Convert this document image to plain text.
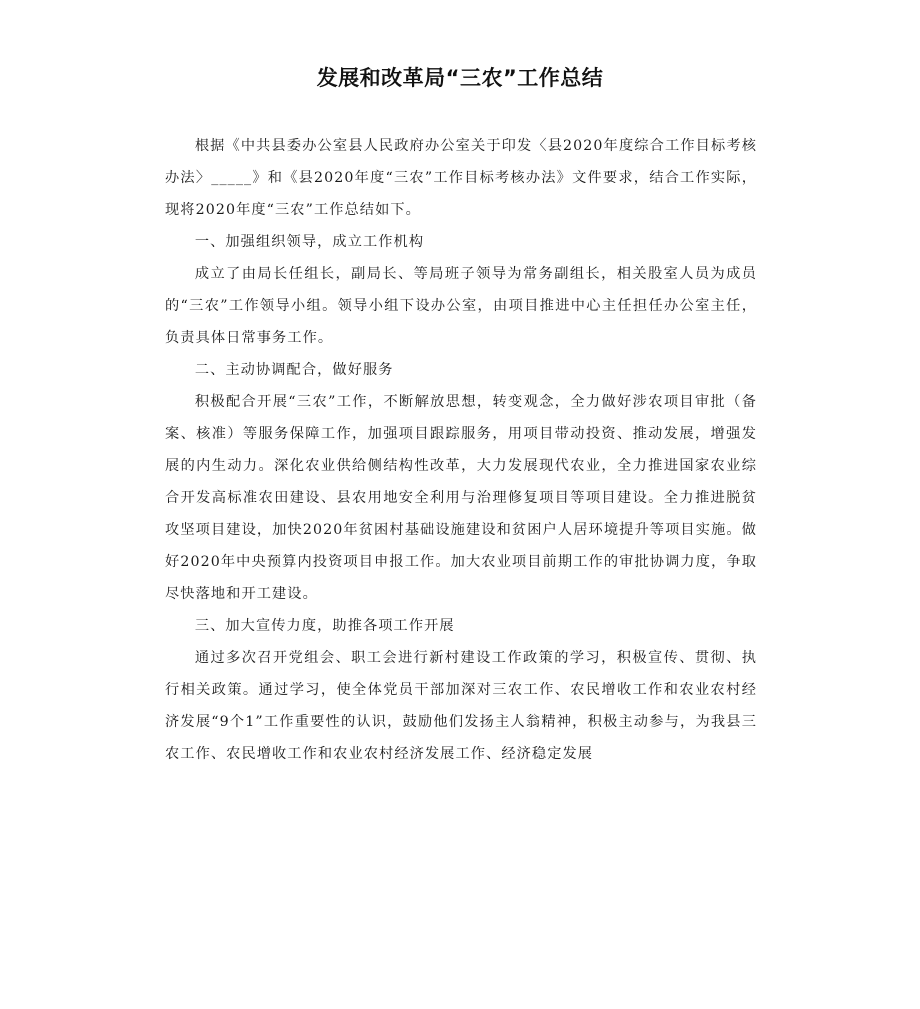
发展和改革局“三农”工作总结

根据《中共县委办公室县人民政府办公室关于印发〈县2020年度综合工作目标考核办法〉_____》和《县2020年度“三农”工作目标考核办法》文件要求，结合工作实际，现将2020年度“三农”工作总结如下。

一、加强组织领导，成立工作机构

成立了由局长任组长，副局长、等局班子领导为常务副组长，相关股室人员为成员的“三农”工作领导小组。领导小组下设办公室，由项目推进中心主任担任办公室主任，负责具体日常事务工作。

二、主动协调配合，做好服务

积极配合开展“三农”工作，不断解放思想，转变观念，全力做好涉农项目审批（备案、核准）等服务保障工作，加强项目跟踪服务，用项目带动投资、推动发展，增强发展的内生动力。深化农业供给侧结构性改革，大力发展现代农业，全力推进国家农业综合开发高标准农田建设、县农用地安全利用与治理修复项目等项目建设。全力推进脱贫攻坚项目建设，加快2020年贫困村基础设施建设和贫困户人居环境提升等项目实施。做好2020年中央预算内投资项目申报工作。加大农业项目前期工作的审批协调力度，争取尽快落地和开工建设。

三、加大宣传力度，助推各项工作开展

通过多次召开党组会、职工会进行新村建设工作政策的学习，积极宣传、贯彻、执行相关政策。通过学习，使全体党员干部加深对三农工作、农民增收工作和农业农村经济发展“9个1”工作重要性的认识，鼓励他们发扬主人翁精神，积极主动参与，为我县三农工作、农民增收工作和农业农村经济发展工作、经济稳定发展
